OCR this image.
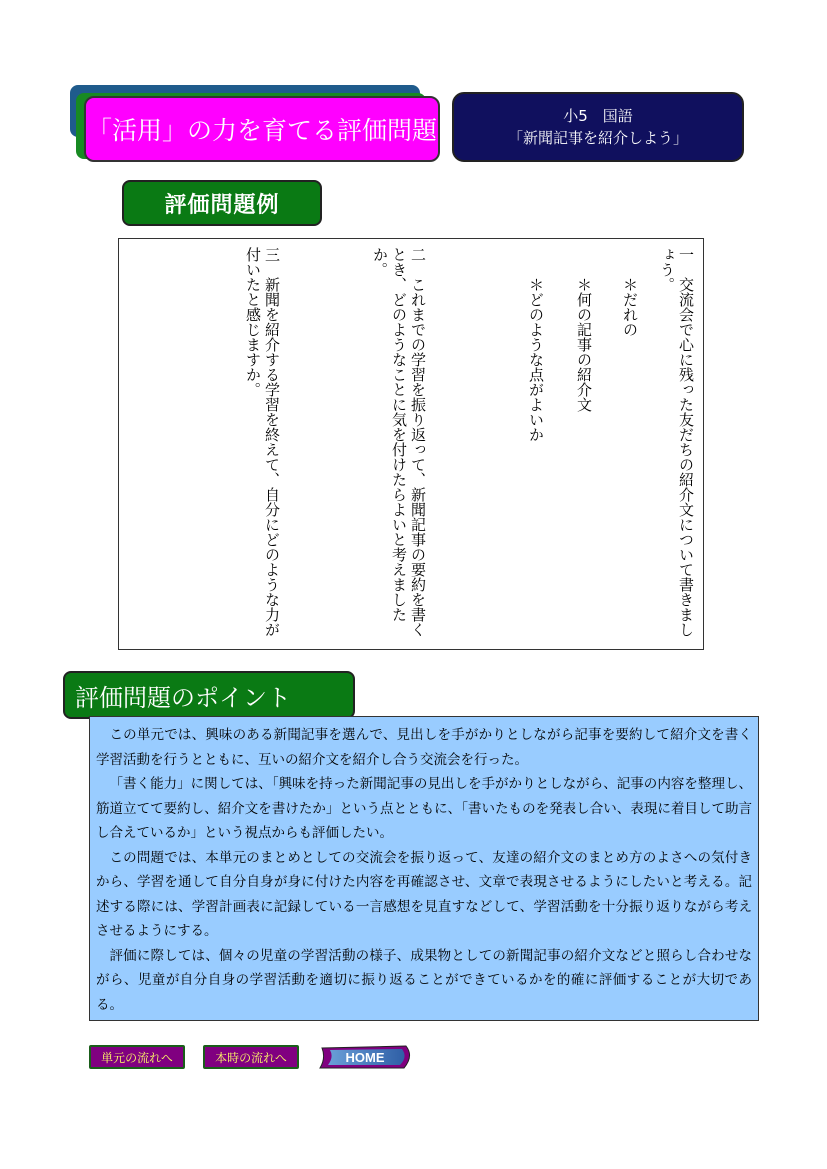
「活用」の力を育てる評価問題	小5　国語
「新聞記事を紹介しよう」
評価問題例
一　交流会で心に残った友だちの紹介文について書きましょう。
＊だれの
＊何の記事の紹介文
＊どのような点がよいか
二　これまでの学習を振り返って、新聞記事の要約を書くとき、どのようなことに気を付けたらよいと考えましたか。
三　新聞を紹介する学習を終えて、自分にどのような力が付いたと感じますか。
評価問題のポイント

この単元では、興味のある新聞記事を選んで、見出しを手がかりとしながら記事を要約して紹介文を書く学習活動を行うとともに、互いの紹介文を紹介し合う交流会を行った。

「書く能力」に関しては、「興味を持った新聞記事の見出しを手がかりとしながら、記事の内容を整理し、筋道立てて要約し、紹介文を書けたか」という点とともに、「書いたものを発表し合い、表現に着目して助言し合えているか」という視点からも評価したい。

この問題では、本単元のまとめとしての交流会を振り返って、友達の紹介文のまとめ方のよさへの気付きから、学習を通して自分自身が身に付けた内容を再確認させ、文章で表現させるようにしたいと考える。記述する際には、学習計画表に記録している一言感想を見直すなどして、学習活動を十分振り返りながら考えさせるようにする。

評価に際しては、個々の児童の学習活動の様子、成果物としての新聞記事の紹介文などと照らし合わせながら、児童が自分自身の学習活動を適切に振り返ることができているかを的確に評価することが大切である。

単元の流れへ	本時の流れへ	HOME
